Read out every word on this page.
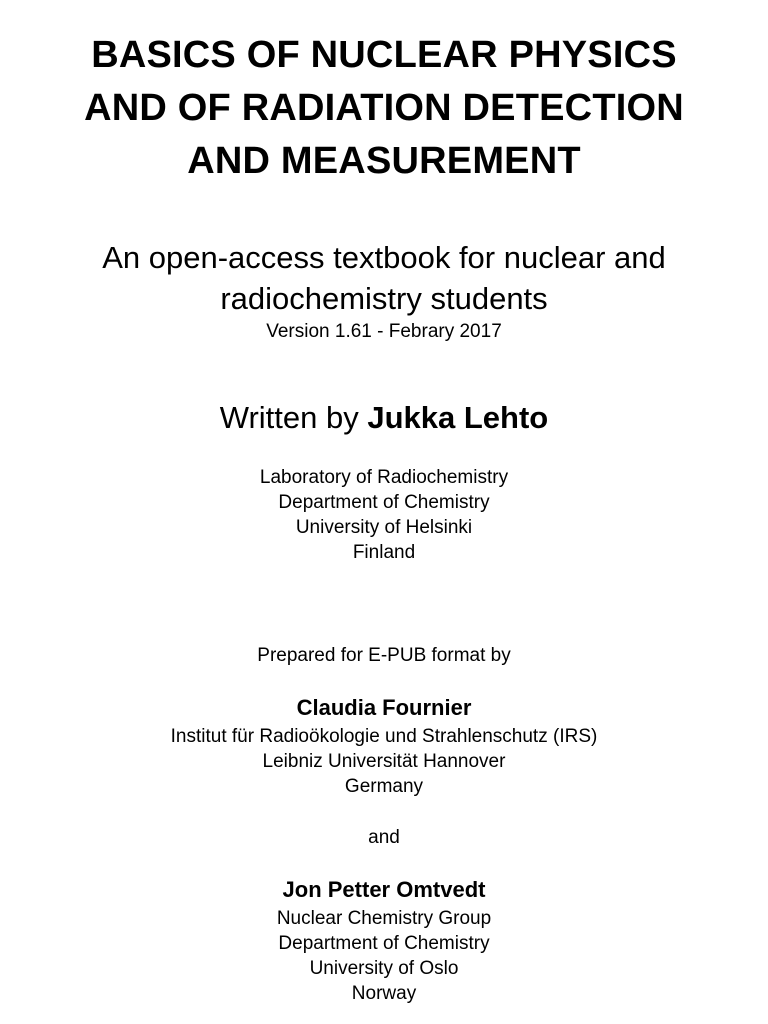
BASICS OF NUCLEAR PHYSICS
AND OF RADIATION DETECTION
AND MEASUREMENT
An open-access textbook for nuclear and
radiochemistry students
Version 1.61 - Febrary 2017
Written by Jukka Lehto
Laboratory of Radiochemistry
Department of Chemistry
University of Helsinki
Finland
Prepared for E-PUB format by
Claudia Fournier
Institut für Radioökologie und Strahlenschutz (IRS)
Leibniz Universität Hannover
Germany
and
Jon Petter Omtvedt
Nuclear Chemistry Group
Department of Chemistry
University of Oslo
Norway
